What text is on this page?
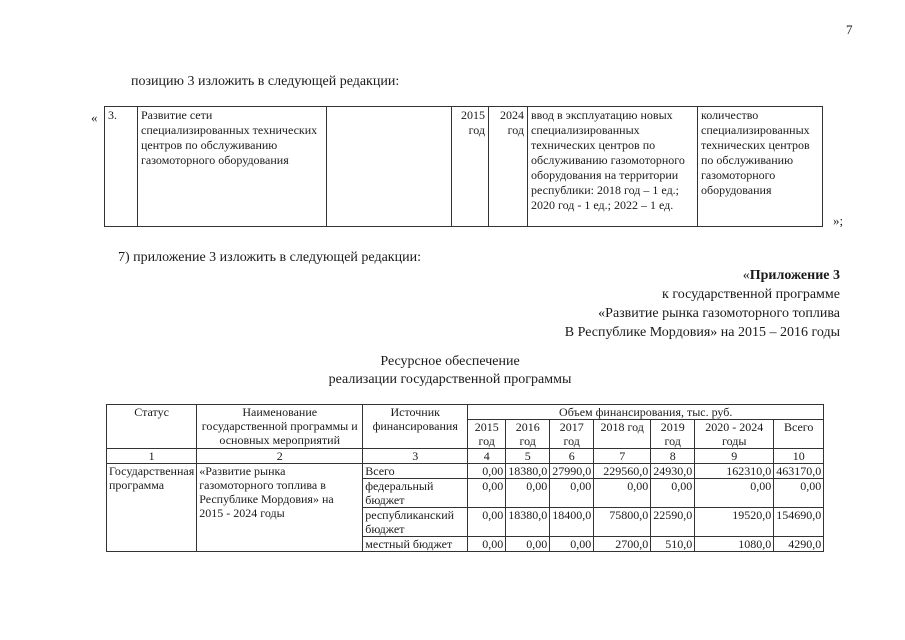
7
позицию 3 изложить в следующей редакции:
« 3.	Развитие сети специализированных технических центров по обслуживанию газомоторного оборудования		2015 год	2024 год	ввод в эксплуатацию новых специализированных технических центров по обслуживанию газомоторного оборудования на территории республики: 2018 год – 1 ед.; 2020 год - 1 ед.; 2022 – 1 ед.	количество специализированных технических центров по обслуживанию газомоторного оборудования
»;
7) приложение 3 изложить в следующей редакции:
«Приложение 3
к государственной программе
«Развитие рынка газомоторного топлива
В Республике Мордовия» на 2015 – 2016 годы
Ресурсное обеспечение
реализации государственной программы
Статус	Наименование государственной программы и основных мероприятий	Источник финансирования	Объем финансирования, тыс. руб.						
			2015 год	2016 год	2017 год	2018 год	2019 год	2020 - 2024 годы	Всего
1	2	3	4	5	6	7	8	9	10
Государственная программа	«Развитие рынка газомоторного топлива в Республике Мордовия» на 2015 - 2024 годы	Всего	0,00	18380,0	27990,0	229560,0	24930,0	162310,0	463170,0
		федеральный бюджет	0,00	0,00	0,00	0,00	0,00	0,00	0,00
		республиканский бюджет	0,00	18380,0	18400,0	75800,0	22590,0	19520,0	154690,0
		местный бюджет	0,00	0,00	0,00	2700,0	510,0	1080,0	4290,0
